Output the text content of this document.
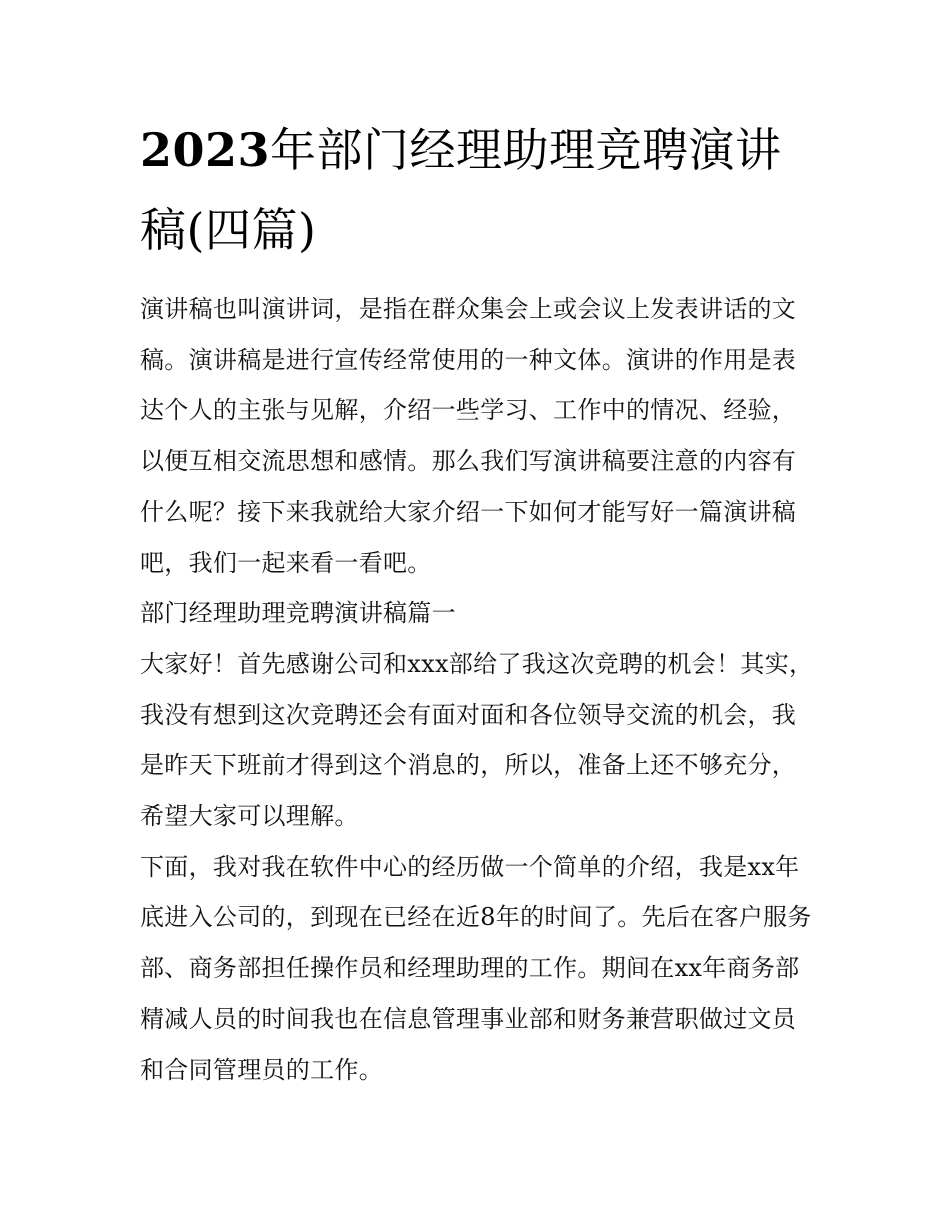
2023年部门经理助理竞聘演讲稿(四篇)

演讲稿也叫演讲词，是指在群众集会上或会议上发表讲话的文稿。演讲稿是进行宣传经常使用的一种文体。演讲的作用是表达个人的主张与见解，介绍一些学习、工作中的情况、经验，以便互相交流思想和感情。那么我们写演讲稿要注意的内容有什么呢？接下来我就给大家介绍一下如何才能写好一篇演讲稿吧，我们一起来看一看吧。

部门经理助理竞聘演讲稿篇一

大家好！首先感谢公司和xxx部给了我这次竞聘的机会！其实，我没有想到这次竞聘还会有面对面和各位领导交流的机会，我是昨天下班前才得到这个消息的，所以，准备上还不够充分，希望大家可以理解。

下面，我对我在软件中心的经历做一个简单的介绍，我是xx年底进入公司的，到现在已经在近8年的时间了。先后在客户服务部、商务部担任操作员和经理助理的工作。期间在xx年商务部精减人员的时间我也在信息管理事业部和财务兼营职做过文员和合同管理员的工作。
